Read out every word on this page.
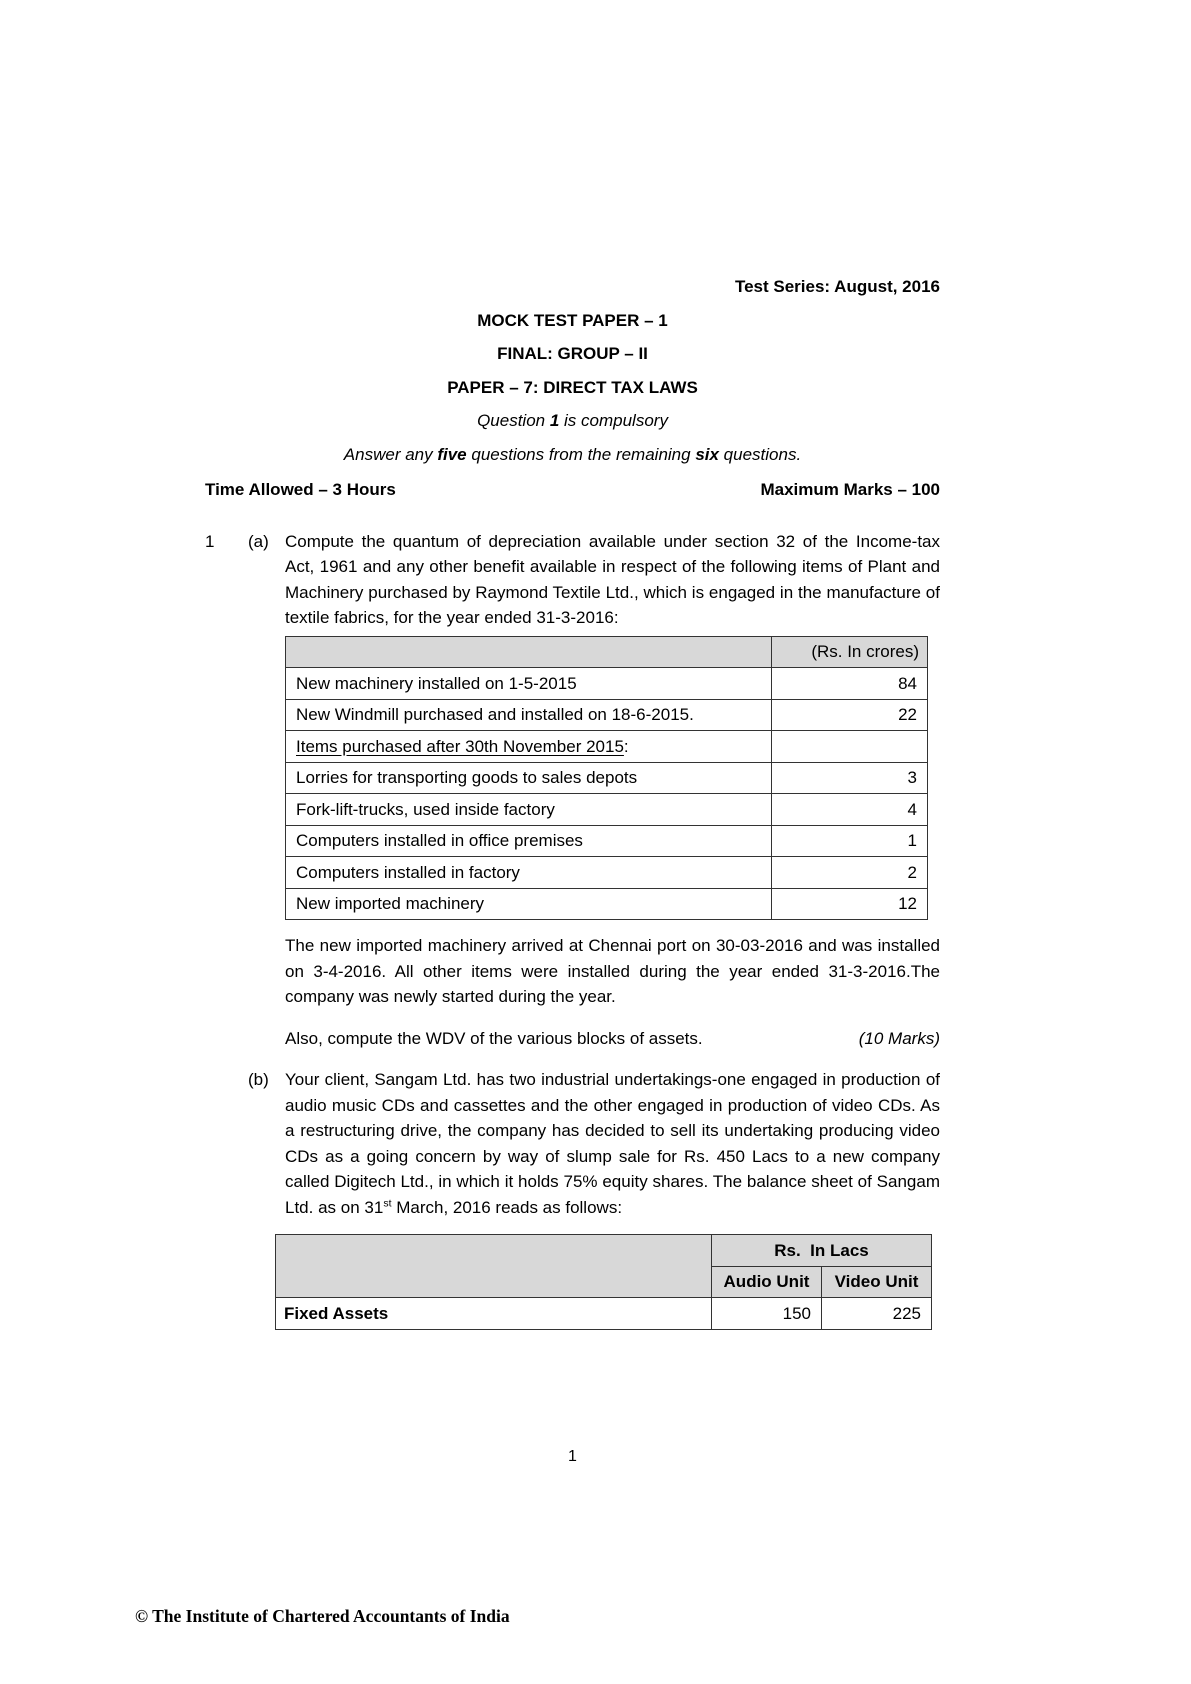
Test Series: August, 2016
MOCK TEST PAPER – 1
FINAL: GROUP – II
PAPER – 7: DIRECT TAX LAWS
Question 1 is compulsory
Answer any five questions from the remaining six questions.
Time Allowed – 3 Hours	Maximum Marks – 100
1	(a) Compute the quantum of depreciation available under section 32 of the Income-tax Act, 1961 and any other benefit available in respect of the following items of Plant and Machinery purchased by Raymond Textile Ltd., which is engaged in the manufacture of textile fabrics, for the year ended 31-3-2016:
	(Rs. In crores)
New machinery installed on 1-5-2015	84
New Windmill purchased and installed on 18-6-2015.	22
Items purchased after 30th November 2015:	
Lorries for transporting goods to sales depots	3
Fork-lift-trucks, used inside factory	4
Computers installed in office premises	1
Computers installed in factory	2
New imported machinery	12
The new imported machinery arrived at Chennai port on 30-03-2016 and was installed on 3-4-2016. All other items were installed during the year ended 31-3-2016.The company was newly started during the year.
Also, compute the WDV of the various blocks of assets.	(10 Marks)
(b) Your client, Sangam Ltd. has two industrial undertakings-one engaged in production of audio music CDs and cassettes and the other engaged in production of video CDs. As a restructuring drive, the company has decided to sell its undertaking producing video CDs as a going concern by way of slump sale for Rs. 450 Lacs to a new company called Digitech Ltd., in which it holds 75% equity shares. The balance sheet of Sangam Ltd. as on 31st March, 2016 reads as follows:
	Rs.  In Lacs	
	Audio Unit	Video Unit
Fixed Assets	150	225
1
© The Institute of Chartered Accountants of India
